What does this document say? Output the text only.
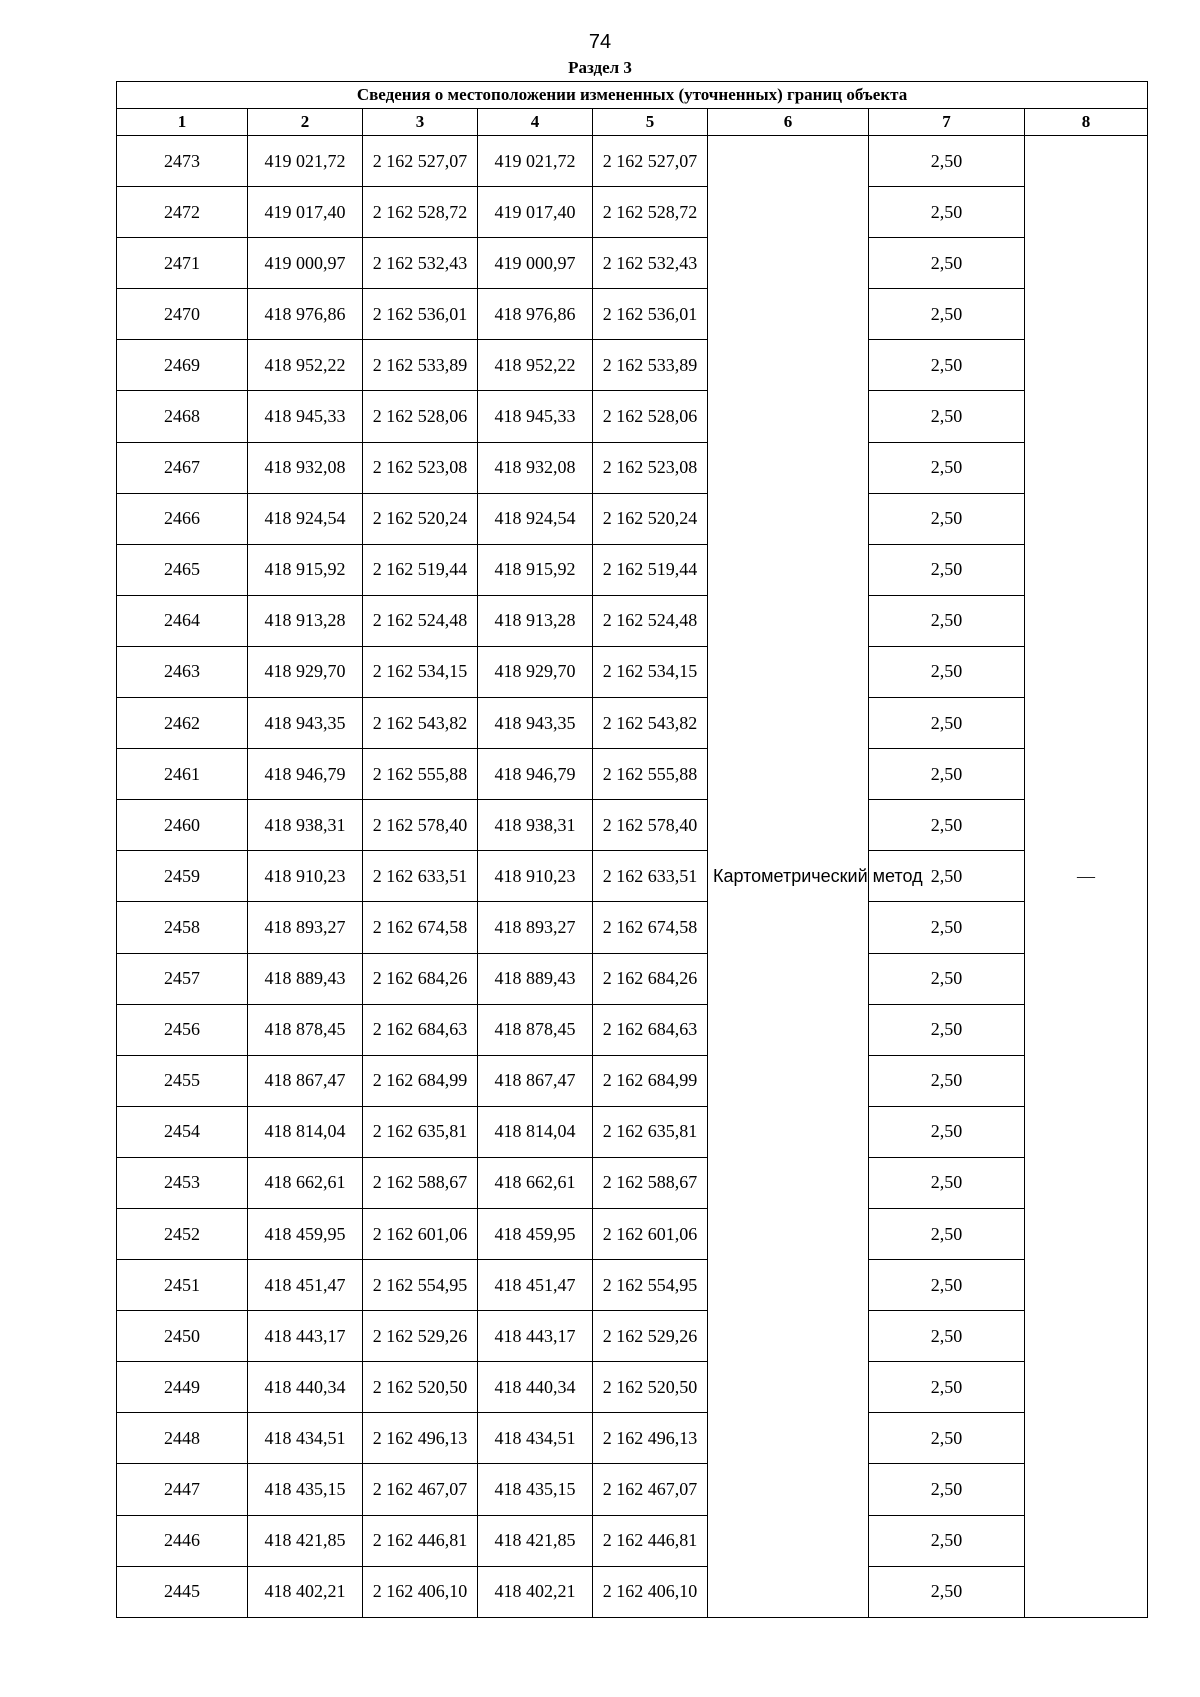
74
Раздел 3
Сведения о местоположении измененных (уточненных) границ объекта							
1	2	3	4	5	6	7	8
2473	419 021,72	2 162 527,07	419 021,72	2 162 527,07	Картометрический метод	2,50	—
2472	419 017,40	2 162 528,72	419 017,40	2 162 528,72		2,50	
2471	419 000,97	2 162 532,43	419 000,97	2 162 532,43		2,50	
2470	418 976,86	2 162 536,01	418 976,86	2 162 536,01		2,50	
2469	418 952,22	2 162 533,89	418 952,22	2 162 533,89		2,50	
2468	418 945,33	2 162 528,06	418 945,33	2 162 528,06		2,50	
2467	418 932,08	2 162 523,08	418 932,08	2 162 523,08		2,50	
2466	418 924,54	2 162 520,24	418 924,54	2 162 520,24		2,50	
2465	418 915,92	2 162 519,44	418 915,92	2 162 519,44		2,50	
2464	418 913,28	2 162 524,48	418 913,28	2 162 524,48		2,50	
2463	418 929,70	2 162 534,15	418 929,70	2 162 534,15		2,50	
2462	418 943,35	2 162 543,82	418 943,35	2 162 543,82		2,50	
2461	418 946,79	2 162 555,88	418 946,79	2 162 555,88		2,50	
2460	418 938,31	2 162 578,40	418 938,31	2 162 578,40		2,50	
2459	418 910,23	2 162 633,51	418 910,23	2 162 633,51		2,50	
2458	418 893,27	2 162 674,58	418 893,27	2 162 674,58		2,50	
2457	418 889,43	2 162 684,26	418 889,43	2 162 684,26		2,50	
2456	418 878,45	2 162 684,63	418 878,45	2 162 684,63		2,50	
2455	418 867,47	2 162 684,99	418 867,47	2 162 684,99		2,50	
2454	418 814,04	2 162 635,81	418 814,04	2 162 635,81		2,50	
2453	418 662,61	2 162 588,67	418 662,61	2 162 588,67		2,50	
2452	418 459,95	2 162 601,06	418 459,95	2 162 601,06		2,50	
2451	418 451,47	2 162 554,95	418 451,47	2 162 554,95		2,50	
2450	418 443,17	2 162 529,26	418 443,17	2 162 529,26		2,50	
2449	418 440,34	2 162 520,50	418 440,34	2 162 520,50		2,50	
2448	418 434,51	2 162 496,13	418 434,51	2 162 496,13		2,50	
2447	418 435,15	2 162 467,07	418 435,15	2 162 467,07		2,50	
2446	418 421,85	2 162 446,81	418 421,85	2 162 446,81		2,50	
2445	418 402,21	2 162 406,10	418 402,21	2 162 406,10		2,50	
